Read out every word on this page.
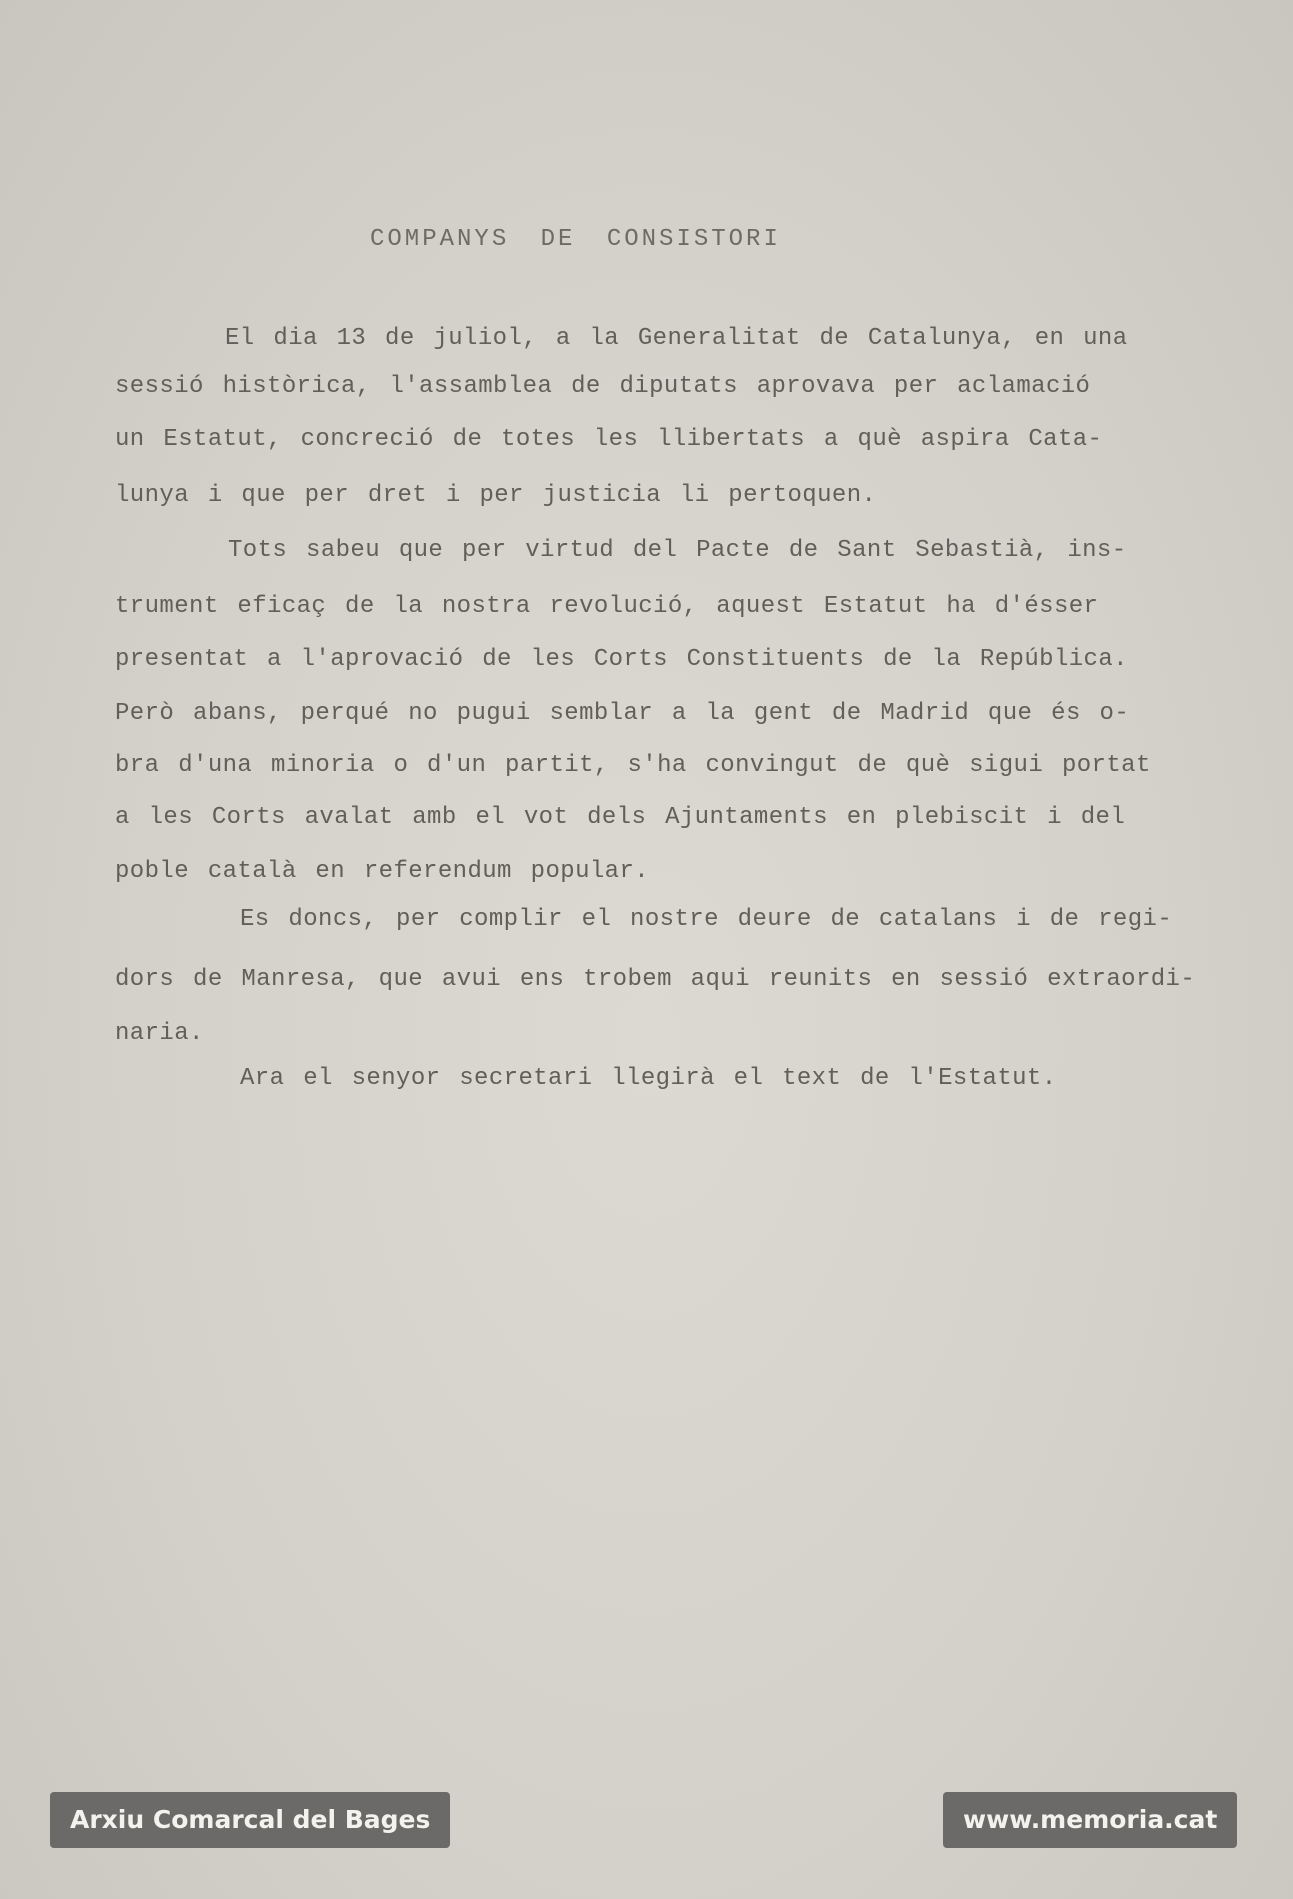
COMPANYS DE CONSISTORI
El dia 13 de juliol, a la Generalitat de Catalunya, en una
sessió històrica, l'assamblea de diputats aprovava per aclamació
un Estatut, concreció de totes les llibertats a què aspira Cata-
lunya i que per dret i per justicia li pertoquen.
Tots sabeu que per virtud del Pacte de Sant Sebastià, ins-
trument eficaç de la nostra revolució, aquest Estatut ha d'ésser
presentat a l'aprovació de les Corts Constituents de la República.
Però abans, perqué no pugui semblar a la gent de Madrid que és o-
bra d'una minoria o d'un partit, s'ha convingut de què sigui portat
a les Corts avalat amb el vot dels Ajuntaments en plebiscit i del
poble català en referendum popular.
Es doncs, per complir el nostre deure de catalans i de regi-
dors de Manresa, que avui ens trobem aqui reunits en sessió extraordi-
naria.
Ara el senyor secretari llegirà el text de l'Estatut.
Arxiu Comarcal del Bages	www.memoria.cat
